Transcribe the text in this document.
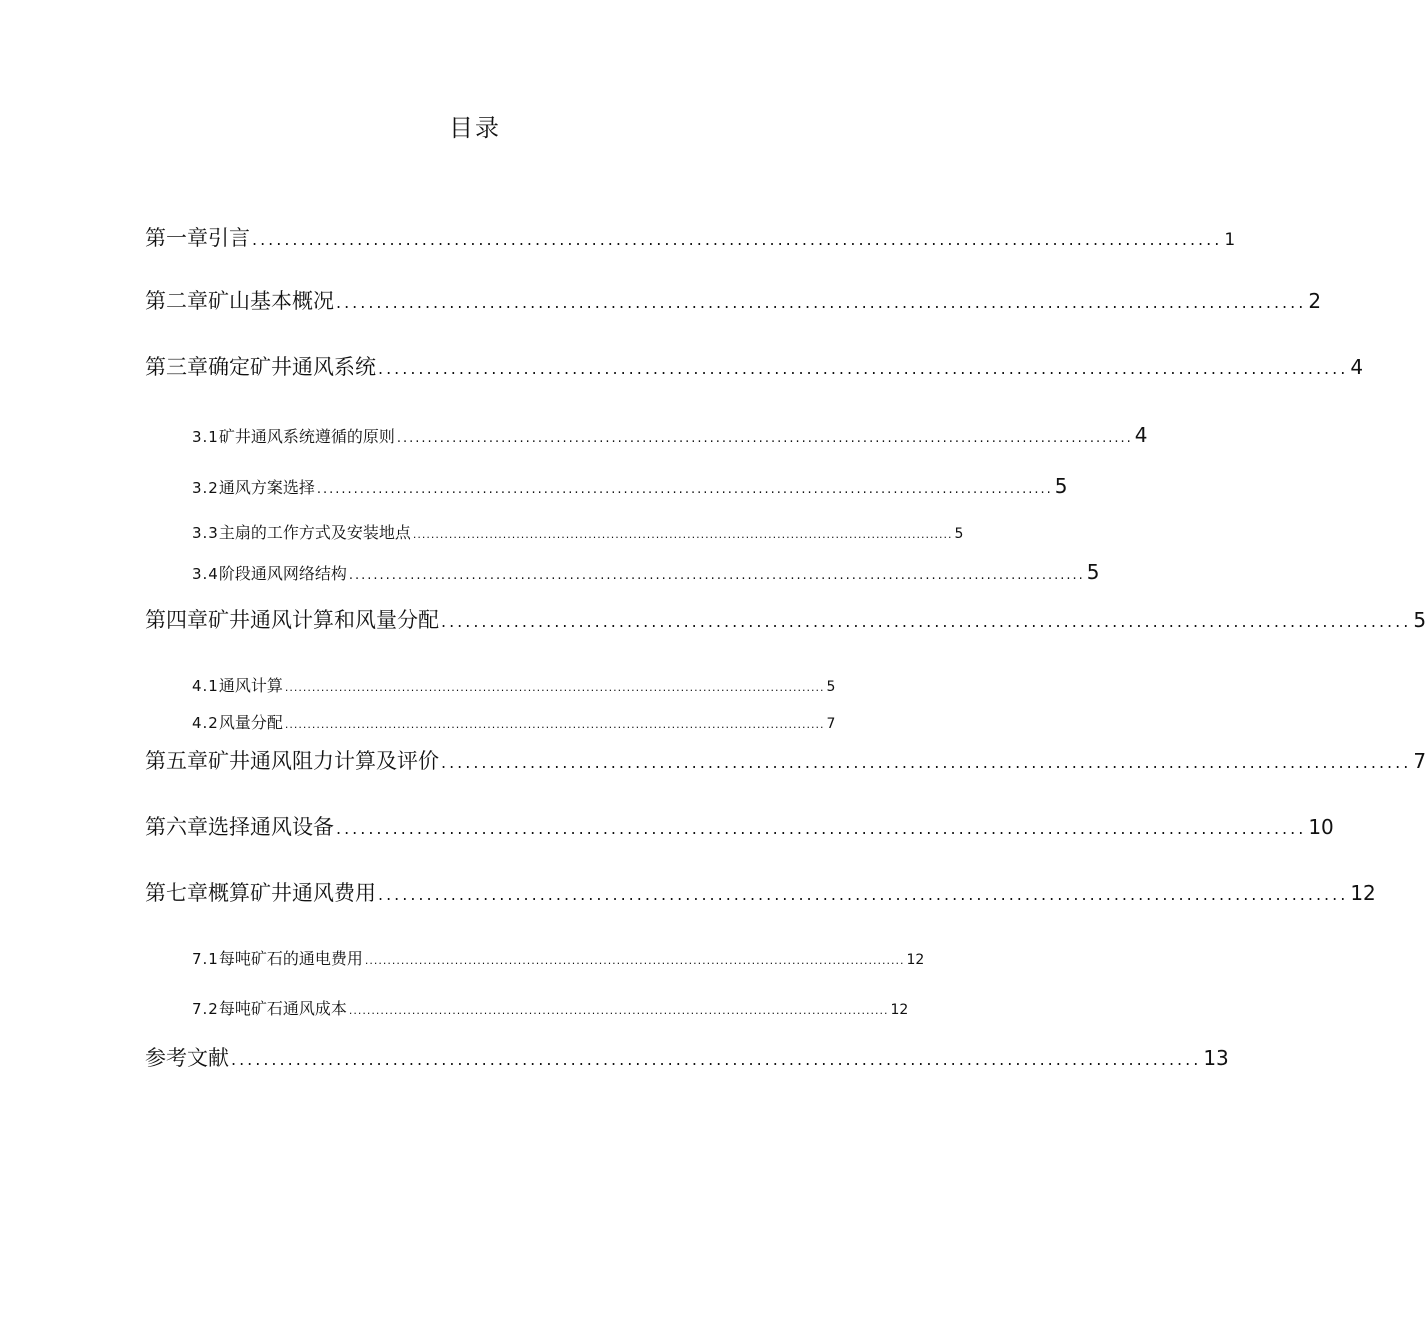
目录
第一章 引言 ........................................................................................................................ 1
第二章 矿山基本概况 ........................................................................................................................ 2
第三章 确定矿井通风系统 ........................................................................................................................ 4
3.1 矿井通风系统遵循的原则 ........................................................................................................................ 4
3.2 通风方案选择 ........................................................................................................................ 5
3.3 主扇的工作方式及安装地点 ........................................................................................................................ 5
3.4 阶段通风网络结构 ........................................................................................................................ 5
第四章 矿井通风计算和风量分配 ........................................................................................................................ 5
4.1 通风计算 ........................................................................................................................ 5
4.2 风量分配 ........................................................................................................................ 7
第五章 矿井通风阻力计算及评价 ........................................................................................................................ 7
第六章 选择通风设备 ........................................................................................................................ 10
第七章 概算矿井通风费用 ........................................................................................................................ 12
7.1 每吨矿石的通电费用 ........................................................................................................................ 12
7.2 每吨矿石通风成本 ........................................................................................................................ 12
参考文献 ........................................................................................................................ 13
